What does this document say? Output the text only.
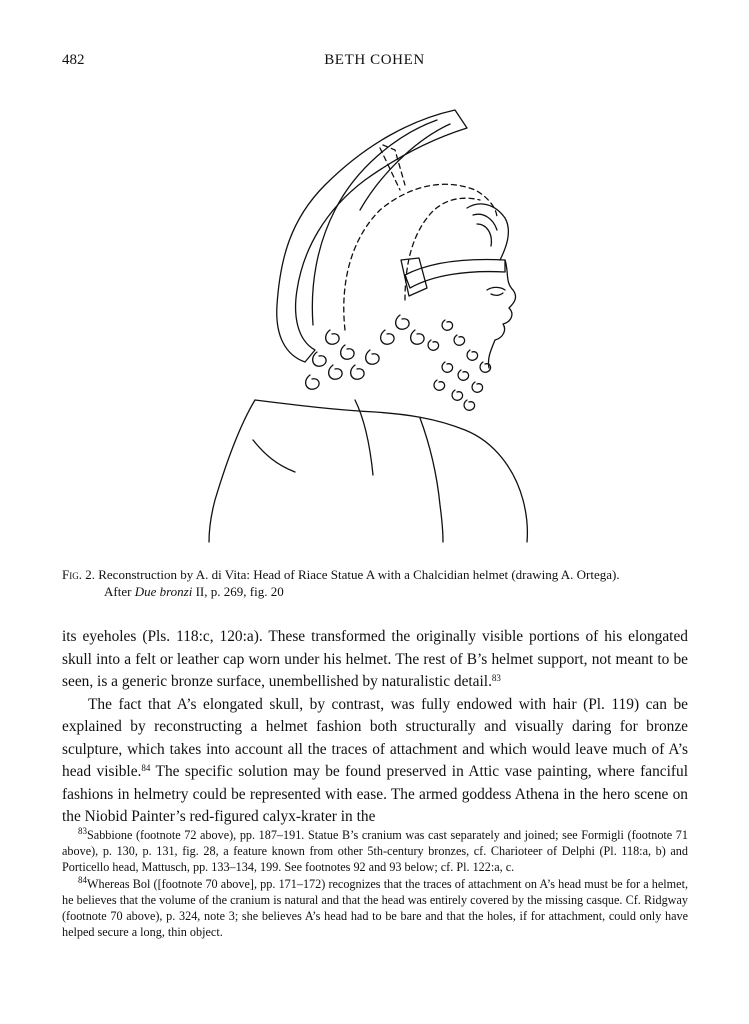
482	BETH COHEN
Fig. 2. Reconstruction by A. di Vita: Head of Riace Statue A with a Chalcidian helmet (drawing A. Ortega).
After Due bronzi II, p. 269, fig. 20

its eyeholes (Pls. 118:c, 120:a). These transformed the originally visible portions of his elongated skull into a felt or leather cap worn under his helmet. The rest of B’s helmet support, not meant to be seen, is a generic bronze surface, unembellished by naturalistic detail.$^{83}$

The fact that A’s elongated skull, by contrast, was fully endowed with hair (Pl. 119) can be explained by reconstructing a helmet fashion both structurally and visually daring for bronze sculpture, which takes into account all the traces of attachment and which would leave much of A’s head visible.$^{84}$ The specific solution may be found preserved in Attic vase painting, where fanciful fashions in helmetry could be represented with ease. The armed goddess Athena in the hero scene on the Niobid Painter’s red-figured calyx-krater in the

$^{83}$Sabbione (footnote 72 above), pp. 187–191. Statue B’s cranium was cast separately and joined; see Formigli (footnote 71 above), p. 130, p. 131, fig. 28, a feature known from other 5th-century bronzes, cf. Charioteer of Delphi (Pl. 118:a, b) and Porticello head, Mattusch, pp. 133–134, 199. See footnotes 92 and 93 below; cf. Pl. 122:a, c.

$^{84}$Whereas Bol ([footnote 70 above], pp. 171–172) recognizes that the traces of attachment on A’s head must be for a helmet, he believes that the volume of the cranium is natural and that the head was entirely covered by the missing casque. Cf. Ridgway (footnote 70 above), p. 324, note 3; she believes A’s head had to be bare and that the holes, if for attachment, could only have helped secure a long, thin object.
